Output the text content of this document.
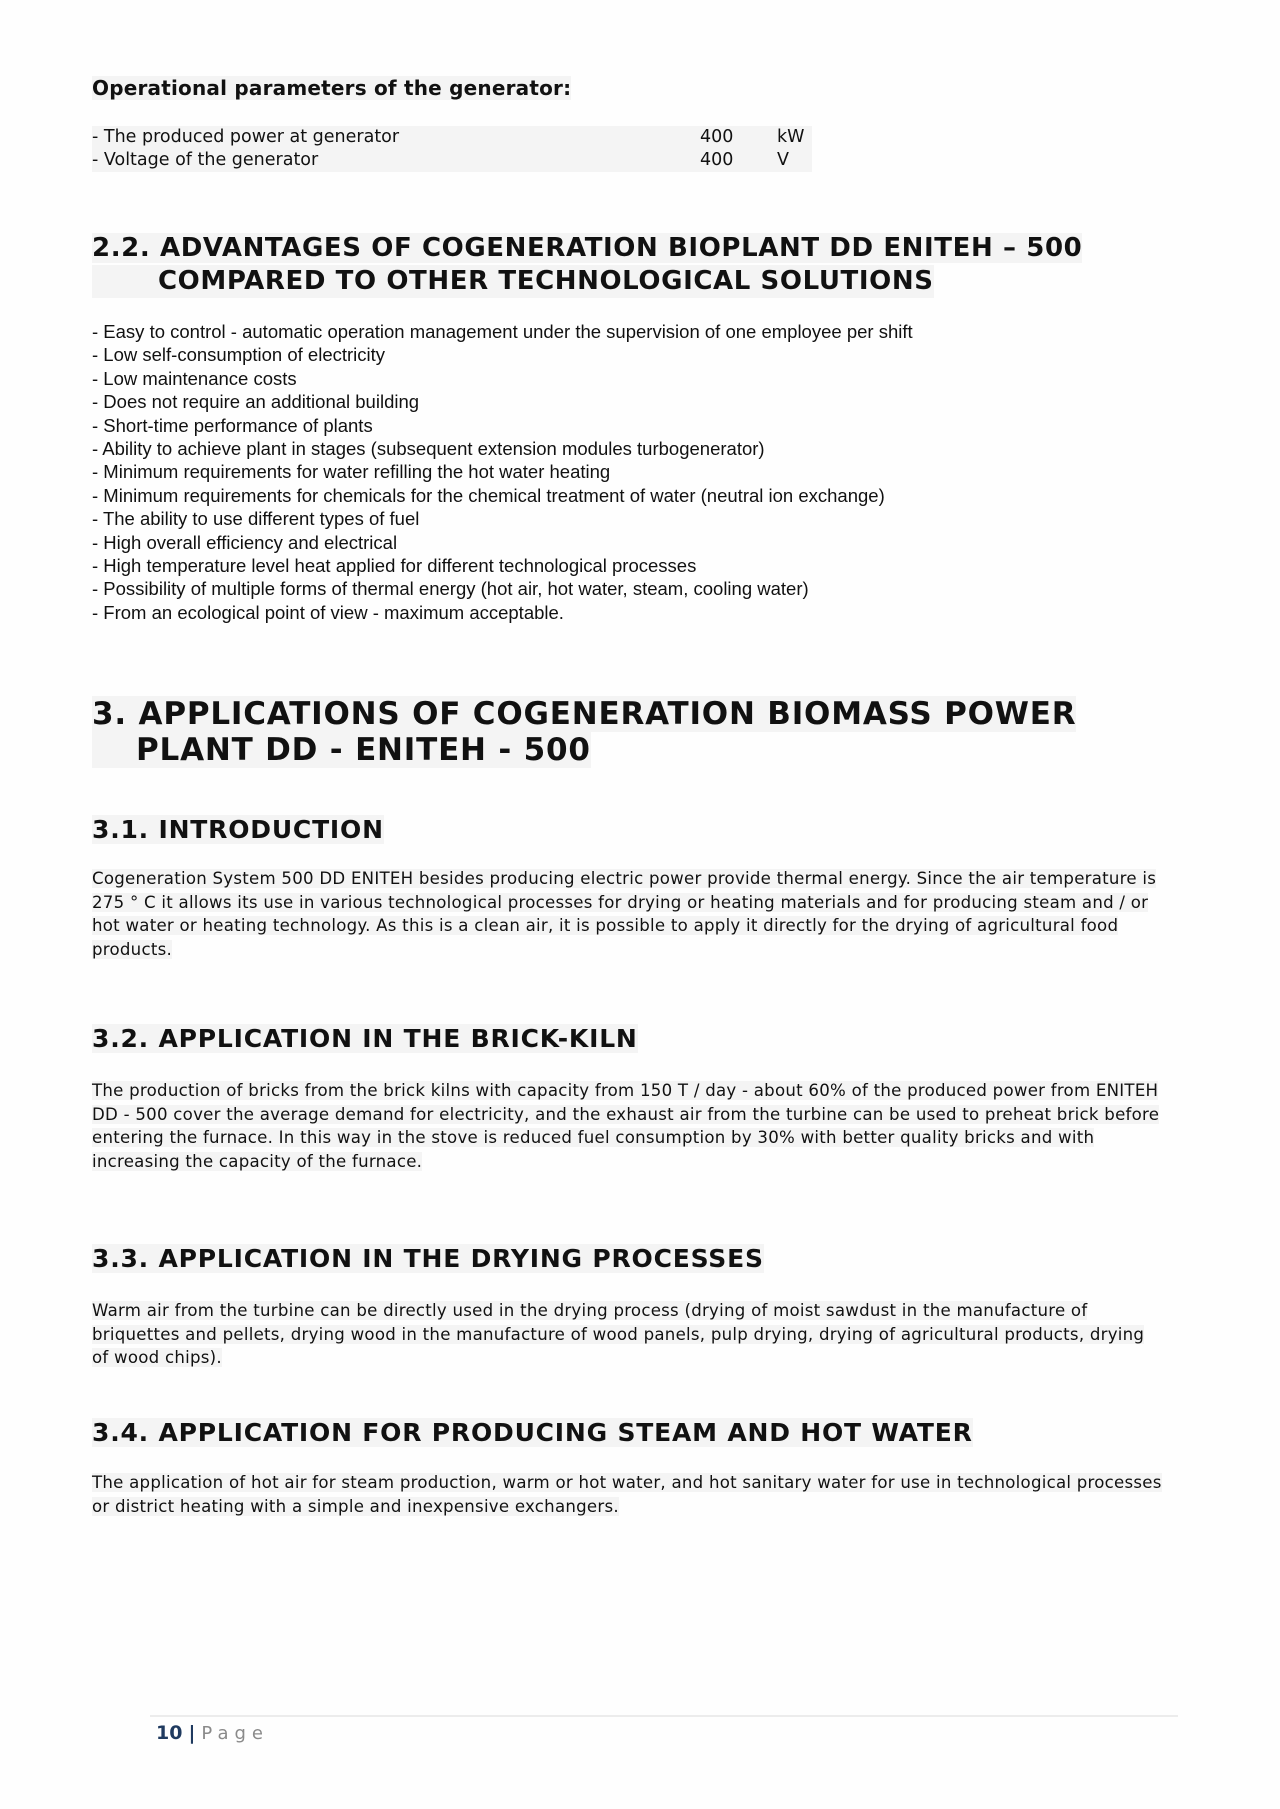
Operational parameters of the generator:
- The produced power at generator	400	kW
- Voltage of the generator	400	V
2.2. ADVANTAGES OF COGENERATION BIOPLANT DD ENITEH – 500
COMPARED TO OTHER TECHNOLOGICAL SOLUTIONS
- Easy to control - automatic operation management under the supervision of one employee per shift
- Low self-consumption of electricity
- Low maintenance costs
- Does not require an additional building
- Short-time performance of plants
- Ability to achieve plant in stages (subsequent extension modules turbogenerator)
- Minimum requirements for water refilling the hot water heating
- Minimum requirements for chemicals for the chemical treatment of water (neutral ion exchange)
- The ability to use different types of fuel
- High overall efficiency and electrical
- High temperature level heat applied for different technological processes
- Possibility of multiple forms of thermal energy (hot air, hot water, steam, cooling water)
- From an ecological point of view - maximum acceptable.
3. APPLICATIONS OF COGENERATION BIOMASS POWER
PLANT DD - ENITEH - 500
3.1. INTRODUCTION

Cogeneration System 500 DD ENITEH besides producing electric power provide thermal energy. Since the air temperature is 275 ° C it allows its use in various technological processes for drying or heating materials and for producing steam and / or hot water or heating technology. As this is a clean air, it is possible to apply it directly for the drying of agricultural food products.

3.2. APPLICATION IN THE BRICK-KILN

The production of bricks from the brick kilns with capacity from 150 T / day - about 60% of the produced power from ENITEH DD - 500 cover the average demand for electricity, and the exhaust air from the turbine can be used to preheat brick before entering the furnace. In this way in the stove is reduced fuel consumption by 30% with better quality bricks and with increasing the capacity of the furnace.

3.3. APPLICATION IN THE DRYING PROCESSES

Warm air from the turbine can be directly used in the drying process (drying of moist sawdust in the manufacture of briquettes and pellets, drying wood in the manufacture of wood panels, pulp drying, drying of agricultural products, drying of wood chips).

3.4. APPLICATION FOR PRODUCING STEAM AND HOT WATER

The application of hot air for steam production, warm or hot water, and hot sanitary water for use in technological processes or district heating with a simple and inexpensive exchangers.

10 | Page
